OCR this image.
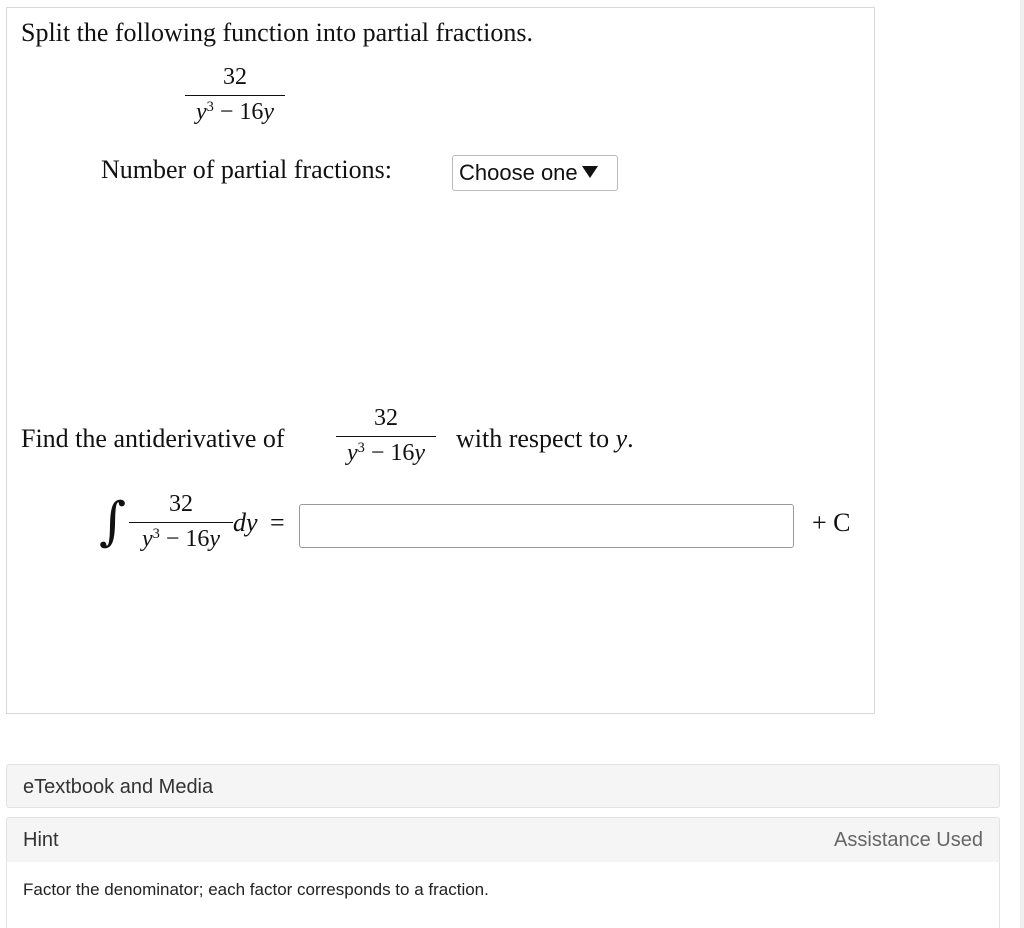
Split the following function into partial fractions.
32
$y^3 - 16y$
Number of partial fractions:	Choose one
Find the antiderivative of
32
$y^3 - 16y$
with respect to y.
∫	32
$y^3 - 16y$
dy =	+ C
eTextbook and Media
Hint	Assistance Used
Factor the denominator; each factor corresponds to a fraction.
